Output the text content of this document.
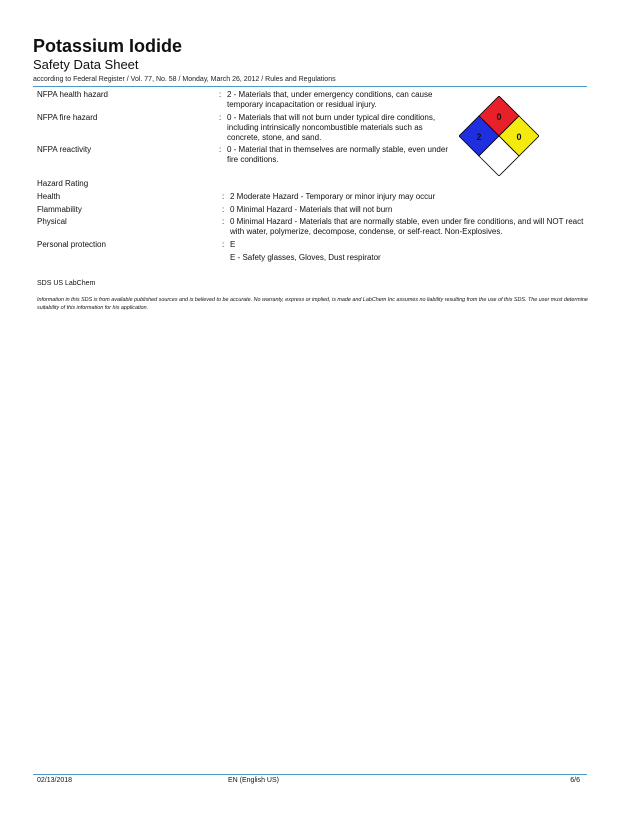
Potassium Iodide
Safety Data Sheet
according to Federal Register / Vol. 77, No. 58 / Monday, March 26, 2012 / Rules and Regulations
NFPA health hazard	: 2 - Materials that, under emergency conditions, can cause temporary incapacitation or residual injury.
NFPA fire hazard	: 0 - Materials that will not burn under typical dire conditions, including intrinsically noncombustible materials such as concrete, stone, and sand.
NFPA reactivity	: 0 - Material that in themselves are normally stable, even under fire conditions.
0
2	0
Hazard Rating
Health	: 2 Moderate Hazard - Temporary or minor injury may occur
Flammability	: 0 Minimal Hazard - Materials that will not burn
Physical	: 0 Minimal Hazard - Materials that are normally stable, even under fire conditions, and will NOT react with water, polymerize, decompose, condense, or self-react. Non-Explosives.
Personal protection	: E
E - Safety glasses, Gloves, Dust respirator
SDS US LabChem
Information in this SDS is from available published sources and is believed to be accurate. No warranty, express or implied, is made and LabChem Inc assumes no liability resulting from the use of this SDS. The user must determine suitability of this information for his application.
02/13/2018	EN (English US)	6/6
